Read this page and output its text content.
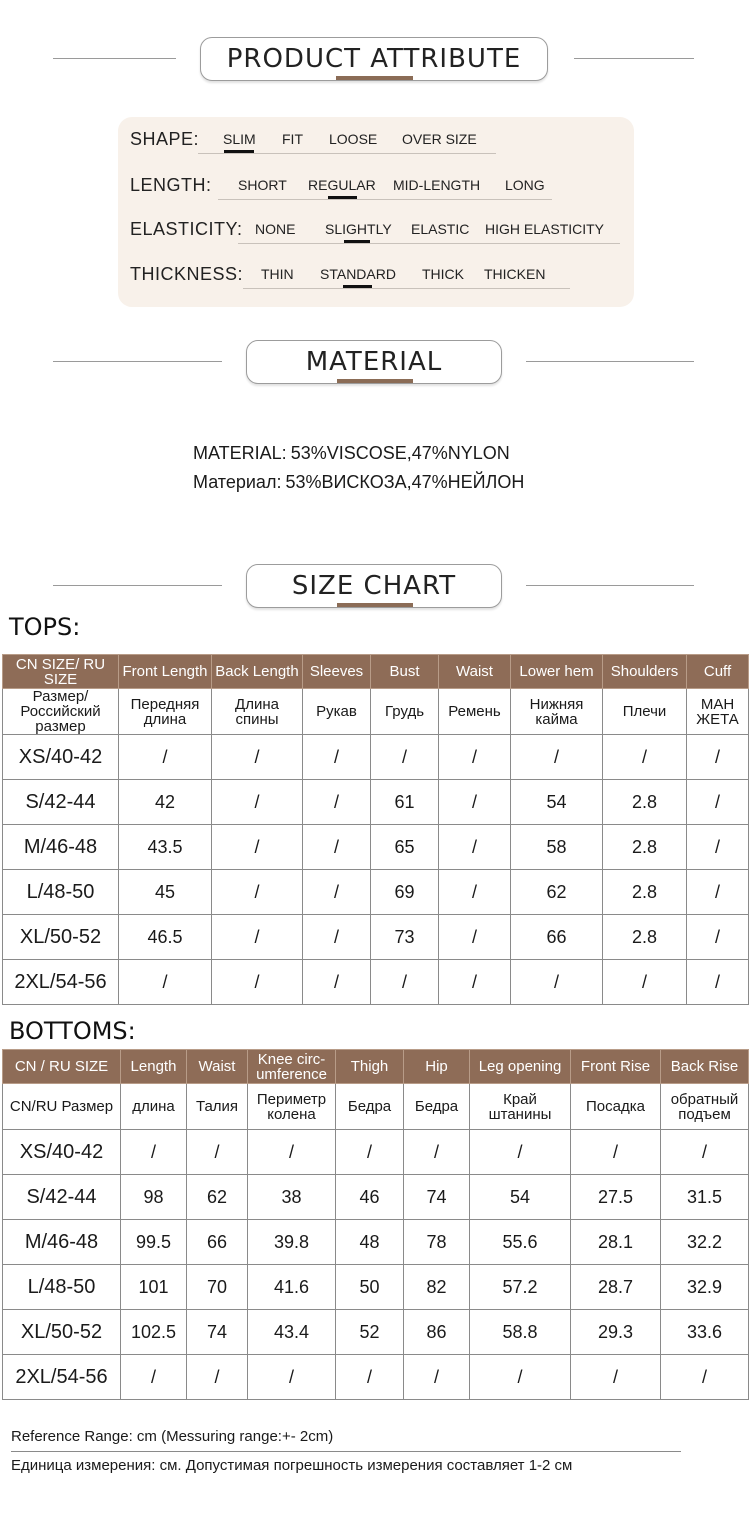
PRODUCT ATTRIBUTE
SHAPE: SLIM FIT LOOSE OVER SIZE
LENGTH: SHORT REGULAR MID-LENGTH LONG
ELASTICITY: NONE SLIGHTLY ELASTIC HIGH ELASTICITY
THICKNESS: THIN STANDARD THICK THICKEN
MATERIAL
MATERIAL: 53%VISCOSE,47%NYLON
Материал: 53%ВИСКОЗА,47%НЕЙЛОН
SIZE CHART
TOPS:
CN SIZE/ RU SIZE	Front Length	Back Length	Sleeves	Bust	Waist	Lower hem	Shoulders	Cuff
Размер/ Российский размер	Передняя длина	Длина спины	Рукав	Грудь	Ремень	Нижняя кайма	Плечи	МАН ЖЕТА
XS/40-42	/	/	/	/	/	/	/	/
S/42-44	42	/	/	61	/	54	2.8	/
M/46-48	43.5	/	/	65	/	58	2.8	/
L/48-50	45	/	/	69	/	62	2.8	/
XL/50-52	46.5	/	/	73	/	66	2.8	/
2XL/54-56	/	/	/	/	/	/	/	/
BOTTOMS:
CN / RU SIZE	Length	Waist	Knee circ- umference	Thigh	Hip	Leg opening	Front Rise	Back Rise
CN/RU Размер	длина	Талия	Периметр колена	Бедра	Бедра	Край штанины	Посадка	обратный подъем
XS/40-42	/	/	/	/	/	/	/	/
S/42-44	98	62	38	46	74	54	27.5	31.5
M/46-48	99.5	66	39.8	48	78	55.6	28.1	32.2
L/48-50	101	70	41.6	50	82	57.2	28.7	32.9
XL/50-52	102.5	74	43.4	52	86	58.8	29.3	33.6
2XL/54-56	/	/	/	/	/	/	/	/
Reference Range: cm (Messuring range:+- 2cm)
Единица измерения: см. Допустимая погрешность измерения составляет 1-2 см
